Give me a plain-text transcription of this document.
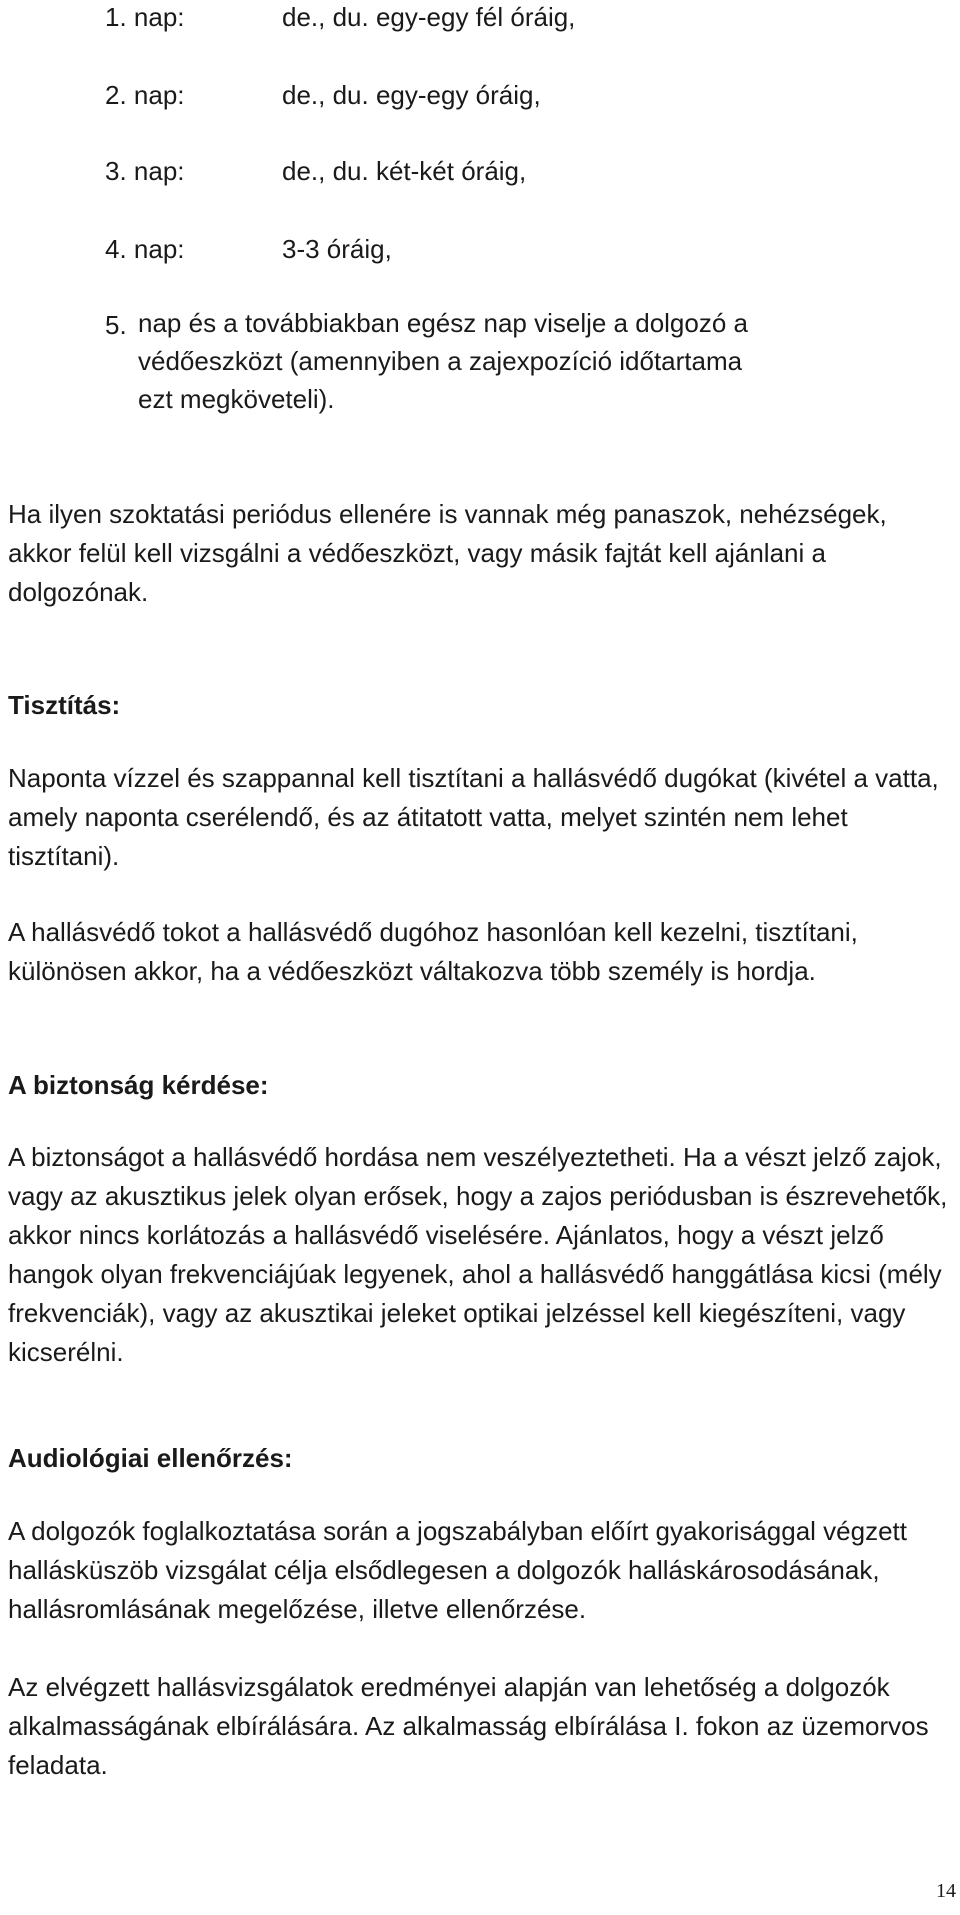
1. nap:	de., du. egy-egy fél óráig,
2. nap:	de., du. egy-egy óráig,
3. nap:	de., du. két-két óráig,
4. nap:	3-3 óráig,
5. nap és a továbbiakban egész nap viselje a dolgozó a
védőeszközt (amennyiben a zajexpozíció időtartama
ezt megköveteli).

Ha ilyen szoktatási periódus ellenére is vannak még panaszok, nehézségek, akkor felül kell vizsgálni a védőeszközt, vagy másik fajtát kell ajánlani a dolgozónak.

Tisztítás:

Naponta vízzel és szappannal kell tisztítani a hallásvédő dugókat (kivétel a vatta, amely naponta cserélendő, és az átitatott vatta, melyet szintén nem lehet tisztítani).

A hallásvédő tokot a hallásvédő dugóhoz hasonlóan kell kezelni, tisztítani, különösen akkor, ha a védőeszközt váltakozva több személy is hordja.

A biztonság kérdése:

A biztonságot a hallásvédő hordása nem veszélyeztetheti. Ha a vészt jelző zajok, vagy az akusztikus jelek olyan erősek, hogy a zajos periódusban is észrevehetők, akkor nincs korlátozás a hallásvédő viselésére. Ajánlatos, hogy a vészt jelző hangok olyan frekvenciájúak legyenek, ahol a hallásvédő hanggátlása kicsi (mély frekvenciák), vagy az akusztikai jeleket optikai jelzéssel kell kiegészíteni, vagy kicserélni.

Audiológiai ellenőrzés:

A dolgozók foglalkoztatása során a jogszabályban előírt gyakorisággal végzett hallásküszöb vizsgálat célja elsődlegesen a dolgozók halláskárosodásának, hallásromlásának megelőzése, illetve ellenőrzése.

Az elvégzett hallásvizsgálatok eredményei alapján van lehetőség a dolgozók alkalmasságának elbírálására. Az alkalmasság elbírálása I. fokon az üzemorvos feladata.

14
